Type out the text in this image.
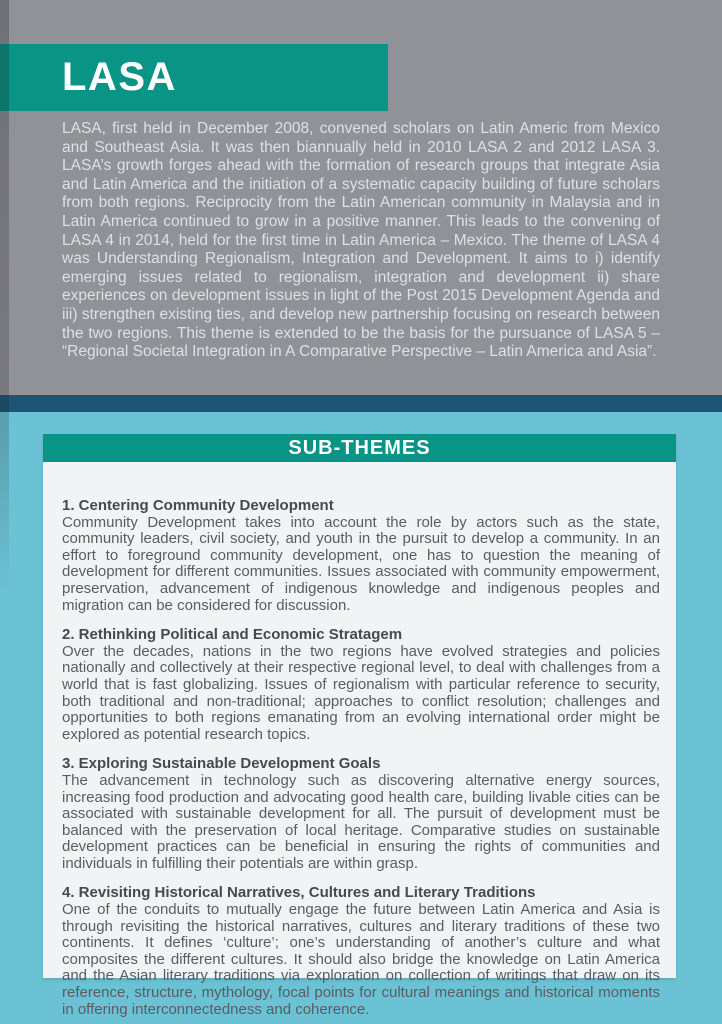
LASA

LASA, first held in December 2008, convened scholars on Latin Americ from Mexico and Southeast Asia. It was then biannually held in 2010 LASA 2 and 2012 LASA 3. LASA’s growth forges ahead with the formation of research groups that integrate Asia and Latin America and the initiation of a systematic capacity building of future scholars from both regions. Reciprocity from the Latin American community in Malaysia and in Latin America continued to grow in a positive manner. This leads to the convening of LASA 4 in 2014, held for the first time in Latin America – Mexico. The theme of LASA 4 was Understanding Regionalism, Integration and Development. It aims to i) identify emerging issues related to regionalism, integration and development ii) share experiences on development issues in light of the Post 2015 Development Agenda and iii) strengthen existing ties, and develop new partnership focusing on research between the two regions. This theme is extended to be the basis for the pursuance of LASA 5 – “Regional Societal Integration in A Comparative Perspective – Latin America and Asia”.

SUB-THEMES
1. Centering Community Development
Community Development takes into account the role by actors such as the state, community leaders, civil society, and youth in the pursuit to develop a community. In an effort to foreground community development, one has to question the meaning of development for different communities. Issues associated with community empowerment, preservation, advancement of indigenous knowledge and indigenous peoples and migration can be considered for discussion.
2. Rethinking Political and Economic Stratagem
Over the decades, nations in the two regions have evolved strategies and policies nationally and collectively at their respective regional level, to deal with challenges from a world that is fast globalizing. Issues of regionalism with particular reference to security, both traditional and non-traditional; approaches to conflict resolution; challenges and opportunities to both regions emanating from an evolving international order might be explored as potential research topics.
3. Exploring Sustainable Development Goals
The advancement in technology such as discovering alternative energy sources, increasing food production and advocating good health care, building livable cities can be associated with sustainable development for all. The pursuit of development must be balanced with the preservation of local heritage. Comparative studies on sustainable development practices can be beneficial in ensuring the rights of communities and individuals in fulfilling their potentials are within grasp.
4. Revisiting Historical Narratives, Cultures and Literary Traditions
One of the conduits to mutually engage the future between Latin America and Asia is through revisiting the historical narratives, cultures and literary traditions of these two continents. It defines ‘culture’; one’s understanding of another’s culture and what composites the different cultures. It should also bridge the knowledge on Latin America and the Asian literary traditions via exploration on collection of writings that draw on its reference, structure, mythology, focal points for cultural meanings and historical moments in offering interconnectedness and coherence.
